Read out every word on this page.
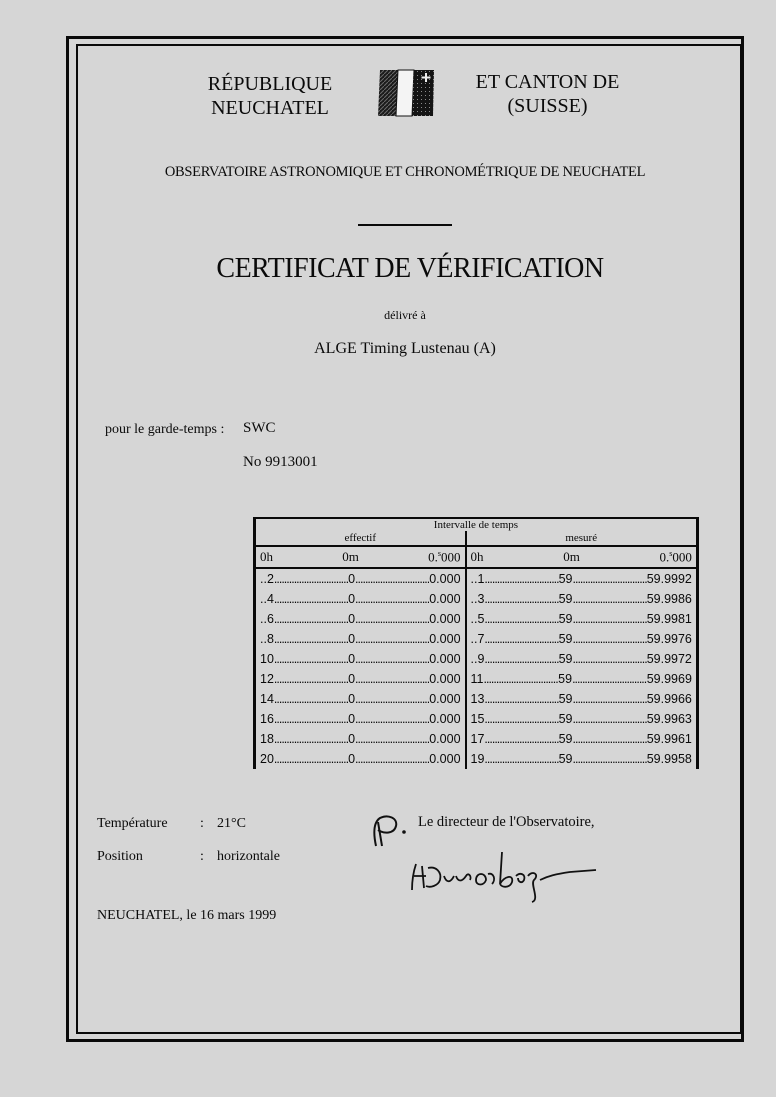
RÉPUBLIQUE
NEUCHATEL
ET CANTON DE
(SUISSE)
OBSERVATOIRE ASTRONOMIQUE ET CHRONOMÉTRIQUE DE NEUCHATEL
CERTIFICAT DE VÉRIFICATION
délivré à
ALGE Timing Lustenau (A)
pour le garde-temps : SWC
No 9913001
Intervalle de temps	
effectif	mesuré

0h 0m 0.$^s$000	0h 0m 0.$^s$000

..2 .............................. 0 .............................. 0.000	..1 .............................. 59 .............................. 59.9992

..4 .............................. 0 .............................. 0.000	..3 .............................. 59 .............................. 59.9986

..6 .............................. 0 .............................. 0.000	..5 .............................. 59 .............................. 59.9981

..8 .............................. 0 .............................. 0.000	..7 .............................. 59 .............................. 59.9976

10 .............................. 0 .............................. 0.000	..9 .............................. 59 .............................. 59.9972

12 .............................. 0 .............................. 0.000	11 .............................. 59 .............................. 59.9969

14 .............................. 0 .............................. 0.000	13 .............................. 59 .............................. 59.9966

16 .............................. 0 .............................. 0.000	15 .............................. 59 .............................. 59.9963

18 .............................. 0 .............................. 0.000	17 .............................. 59 .............................. 59.9961

20 .............................. 0 .............................. 0.000	19 .............................. 59 .............................. 59.9958
Température : 21°C
Position	: horizontale
Le directeur de l'Observatoire,
NEUCHATEL, le 16 mars 1999
